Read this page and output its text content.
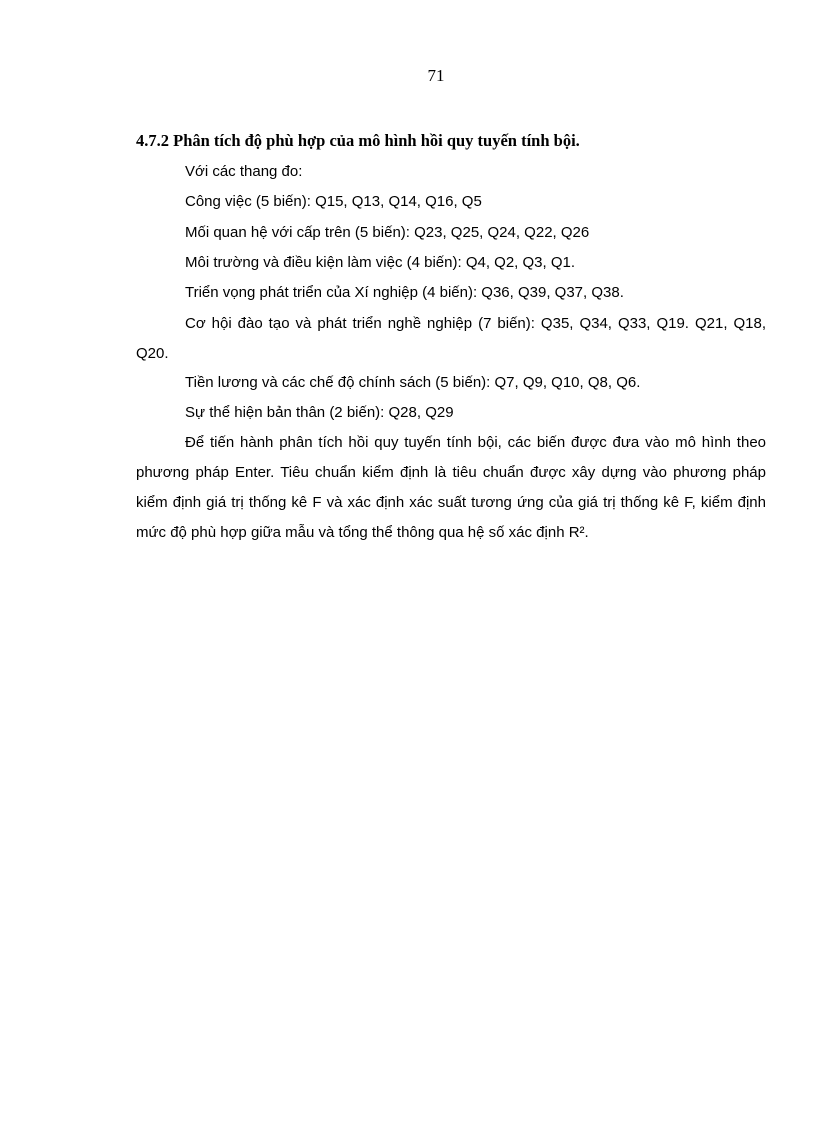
71
4.7.2 Phân tích độ phù hợp của mô hình hồi quy tuyến tính bội.
Với các thang đo:
Công việc (5 biến): Q15, Q13, Q14, Q16, Q5
Mối quan hệ với cấp trên (5 biến): Q23, Q25, Q24, Q22, Q26
Môi trường và điều kiện làm việc (4 biến): Q4, Q2, Q3, Q1.
Triển vọng phát triển của Xí nghiệp (4 biến): Q36, Q39, Q37, Q38.

Cơ hội đào tạo và phát triển nghề nghiệp (7 biến): Q35, Q34, Q33, Q19. Q21, Q18, Q20.

Tiền lương và các chế độ chính sách (5 biến): Q7, Q9, Q10, Q8, Q6.
Sự thể hiện bản thân (2 biến): Q28, Q29

Để tiến hành phân tích hồi quy tuyến tính bội, các biến được đưa vào mô hình theo phương pháp Enter. Tiêu chuẩn kiểm định là tiêu chuẩn được xây dựng vào phương pháp kiểm định giá trị thống kê F và xác định xác suất tương ứng của giá trị thống kê F, kiểm định mức độ phù hợp giữa mẫu và tổng thể thông qua hệ số xác định R².
